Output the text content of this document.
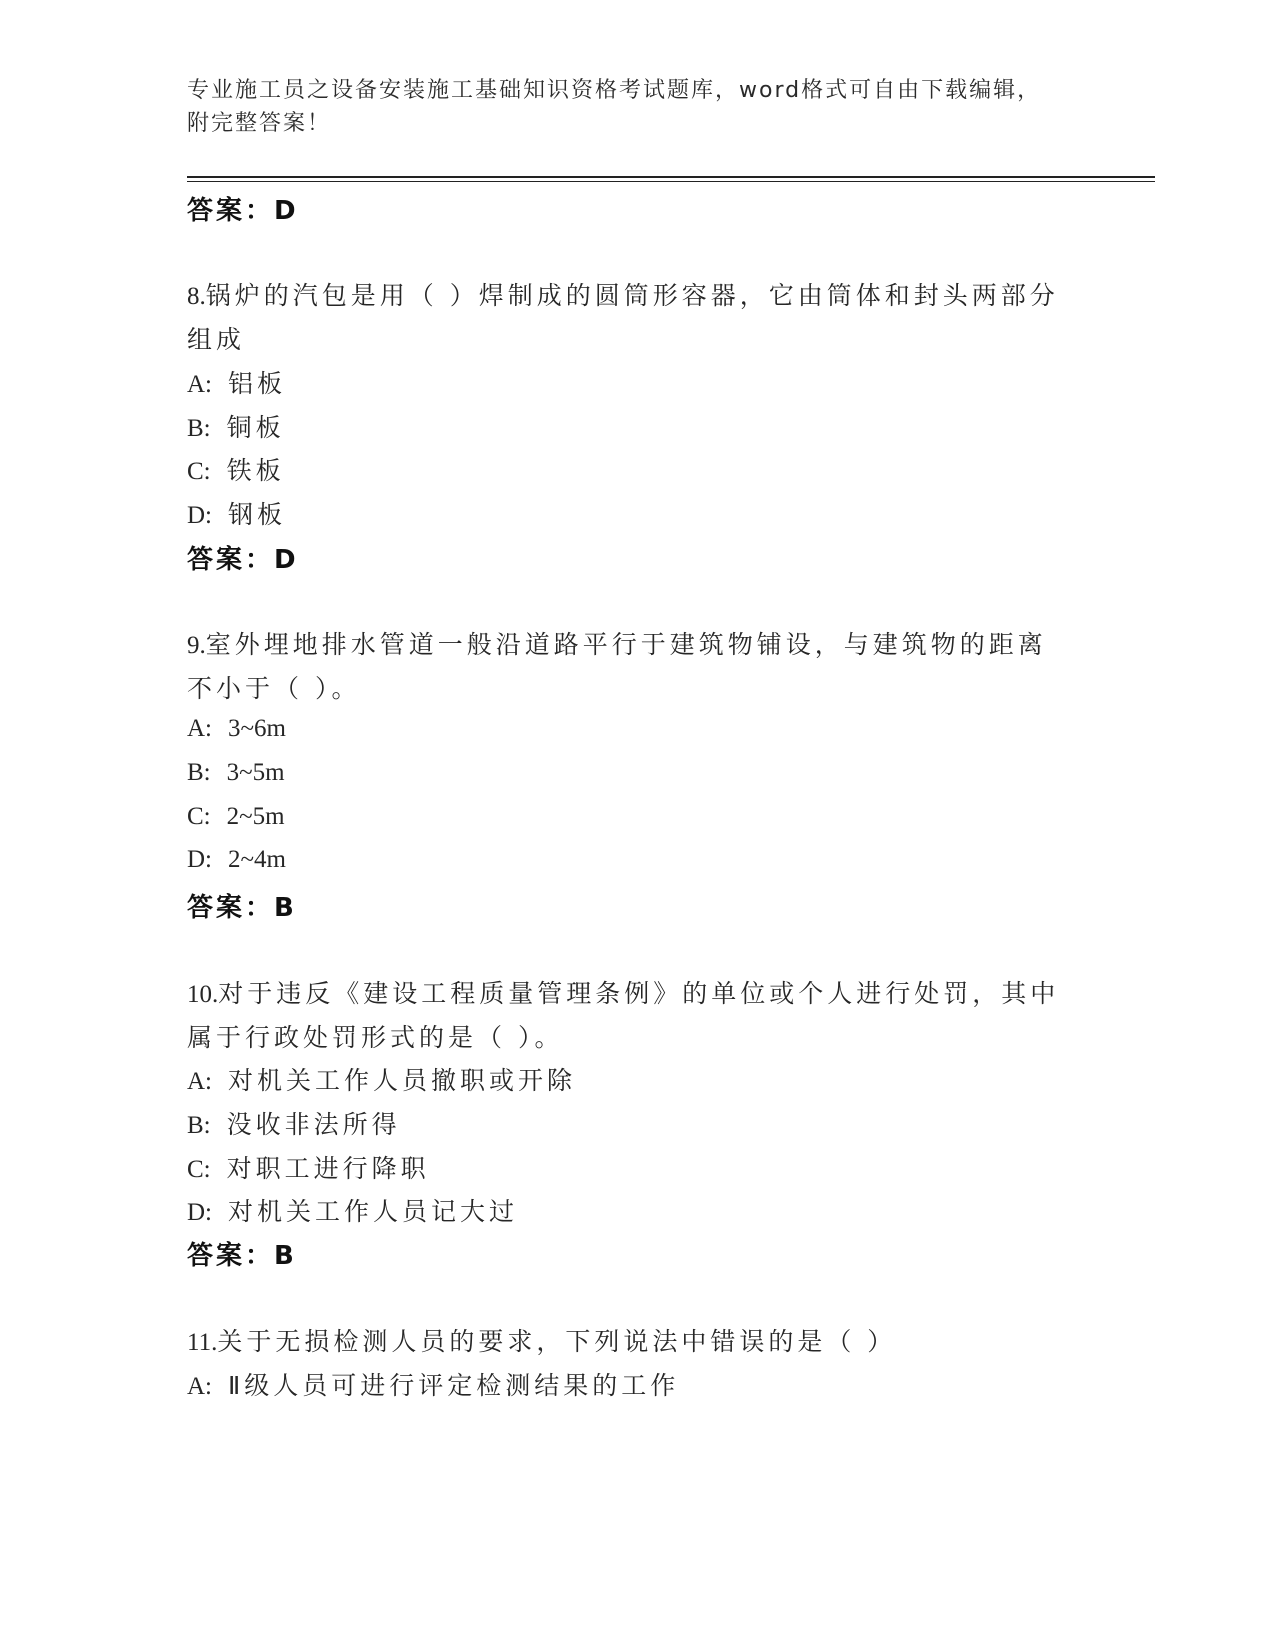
专业施工员之设备安装施工基础知识资格考试题库，word格式可自由下载编辑，
附完整答案！
答案：D
8.锅炉的汽包是用（ ）焊制成的圆筒形容器，它由筒体和封头两部分
组成
A: 铝板
B: 铜板
C: 铁板
D: 钢板
答案：D
9.室外埋地排水管道一般沿道路平行于建筑物铺设，与建筑物的距离
不小于（ ）。
A: 3~6m
B: 3~5m
C: 2~5m
D: 2~4m
答案：B
10.对于违反《建设工程质量管理条例》的单位或个人进行处罚，其中
属于行政处罚形式的是（ ）。
A: 对机关工作人员撤职或开除
B: 没收非法所得
C: 对职工进行降职
D: 对机关工作人员记大过
答案：B
11.关于无损检测人员的要求，下列说法中错误的是（ ）
A: Ⅱ级人员可进行评定检测结果的工作
